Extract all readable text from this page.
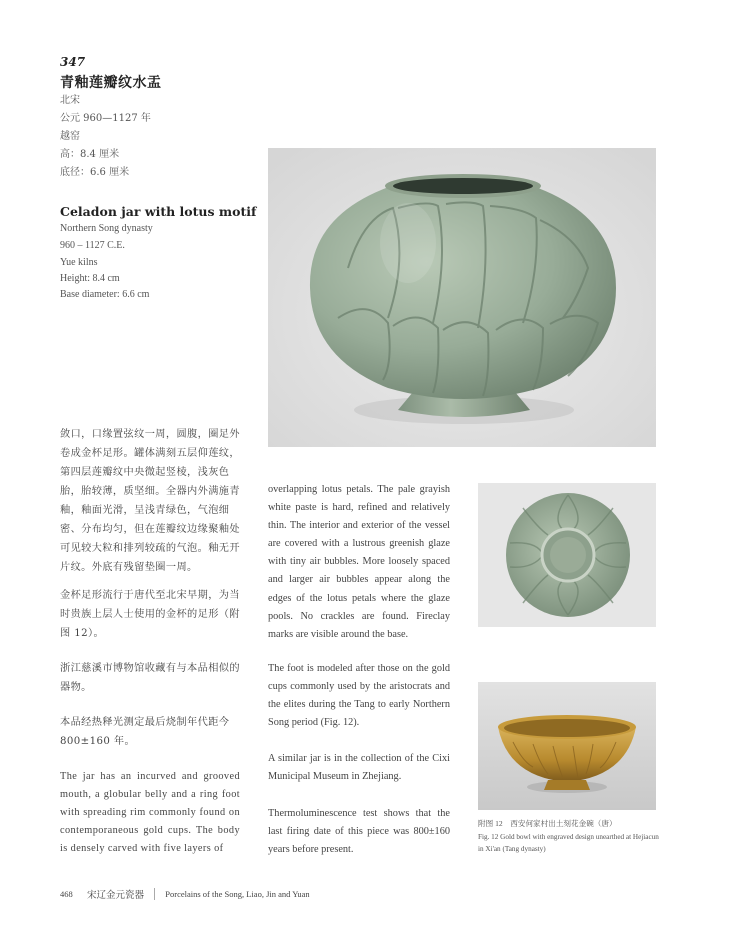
347
青釉莲瓣纹水盂
北宋
公元 960—1127 年
越窑
高：8.4 厘米
底径：6.6 厘米
Celadon jar with lotus motif
Northern Song dynasty
960 – 1127 C.E.
Yue kilns
Height: 8.4 cm
Base diameter: 6.6 cm
敛口，口缘置弦纹一周，圆腹，圈足外卷成金杯足形。罐体满刻五层仰莲纹，第四层莲瓣纹中央微起竖棱，浅灰色胎，胎较薄，质坚细。全器内外满施青釉，釉面光滑，呈浅青绿色，气泡细密、分布均匀，但在莲瓣纹边缘聚釉处可见较大粒和排列较疏的气泡。釉无开片纹。外底有残留垫圈一周。
金杯足形流行于唐代至北宋早期，为当时贵族上层人士使用的金杯的足形（附图 12）。
浙江慈溪市博物馆收藏有与本品相似的器物。
本品经热释光测定最后烧制年代距今 800±160 年。
The jar has an incurved and grooved mouth, a globular belly and a ring foot with spreading rim commonly found on contemporaneous gold cups. The body is densely carved with five layers of
overlapping lotus petals. The pale grayish white paste is hard, refined and relatively thin. The interior and exterior of the vessel are covered with a lustrous greenish glaze with tiny air bubbles. More loosely spaced and larger air bubbles appear along the edges of the lotus petals where the glaze pools. No crackles are found. Fireclay marks are visible around the base.
The foot is modeled after those on the gold cups commonly used by the aristocrats and the elites during the Tang to early Northern Song period (Fig. 12).
A similar jar is in the collection of the Cixi Municipal Museum in Zhejiang.
Thermoluminescence test shows that the last firing date of this piece was 800±160 years before present.
附图 12　西安何家村出土刻花金碗（唐）
Fig. 12 Gold bowl with engraved design unearthed at Hejiacun
in Xi'an (Tang dynasty)
468 宋辽金元瓷器	Porcelains of the Song, Liao, Jin and Yuan
